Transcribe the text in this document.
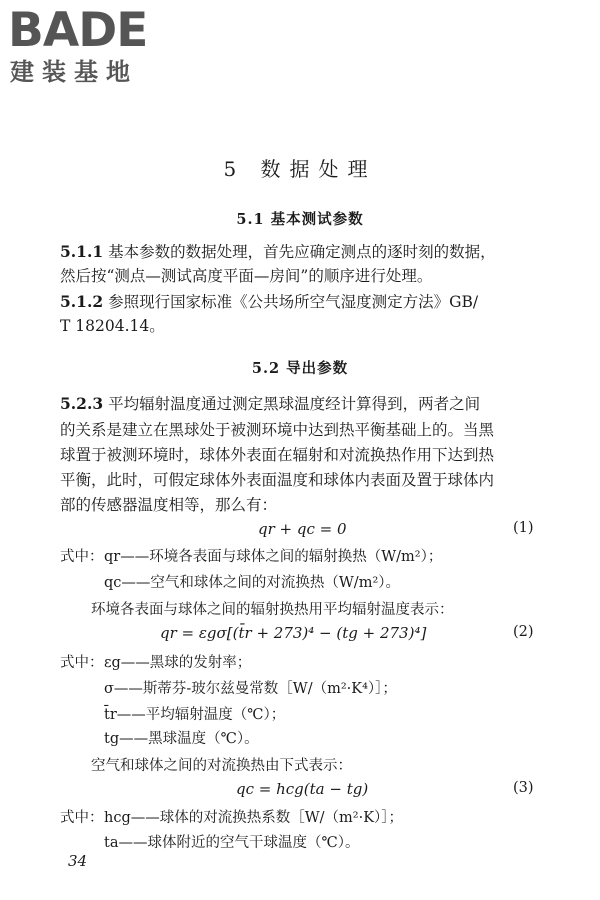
BADE
建装基地
5 数据处理
5.1 基本测试参数
5.1.1 基本参数的数据处理，首先应确定测点的逐时刻的数据，
然后按“测点—测试高度平面—房间”的顺序进行处理。
5.1.2 参照现行国家标准《公共场所空气湿度测定方法》GB/
T 18204.14。
5.2 导出参数
5.2.3 平均辐射温度通过测定黑球温度经计算得到，两者之间
的关系是建立在黑球处于被测环境中达到热平衡基础上的。当黑
球置于被测环境时，球体外表面在辐射和对流换热作用下达到热
平衡，此时，可假定球体外表面温度和球体内表面及置于球体内
部的传感器温度相等，那么有：
qr + qc = 0	(1)
式中： qr——环境各表面与球体之间的辐射换热（W/m²）；
qc——空气和球体之间的对流换热（W/m²）。
环境各表面与球体之间的辐射换热用平均辐射温度表示：
qr = εgσ[(t̄r + 273)⁴ − (tg + 273)⁴]	(2)
式中： εg——黑球的发射率；
σ——斯蒂芬-玻尔兹曼常数［W/（m²·K⁴）］；
t̄r——平均辐射温度（℃）；
tg——黑球温度（℃）。
空气和球体之间的对流换热由下式表示：
qc = hcg(ta − tg)	(3)
式中： hcg——球体的对流换热系数［W/（m²·K）］；
ta——球体附近的空气干球温度（℃）。
34
